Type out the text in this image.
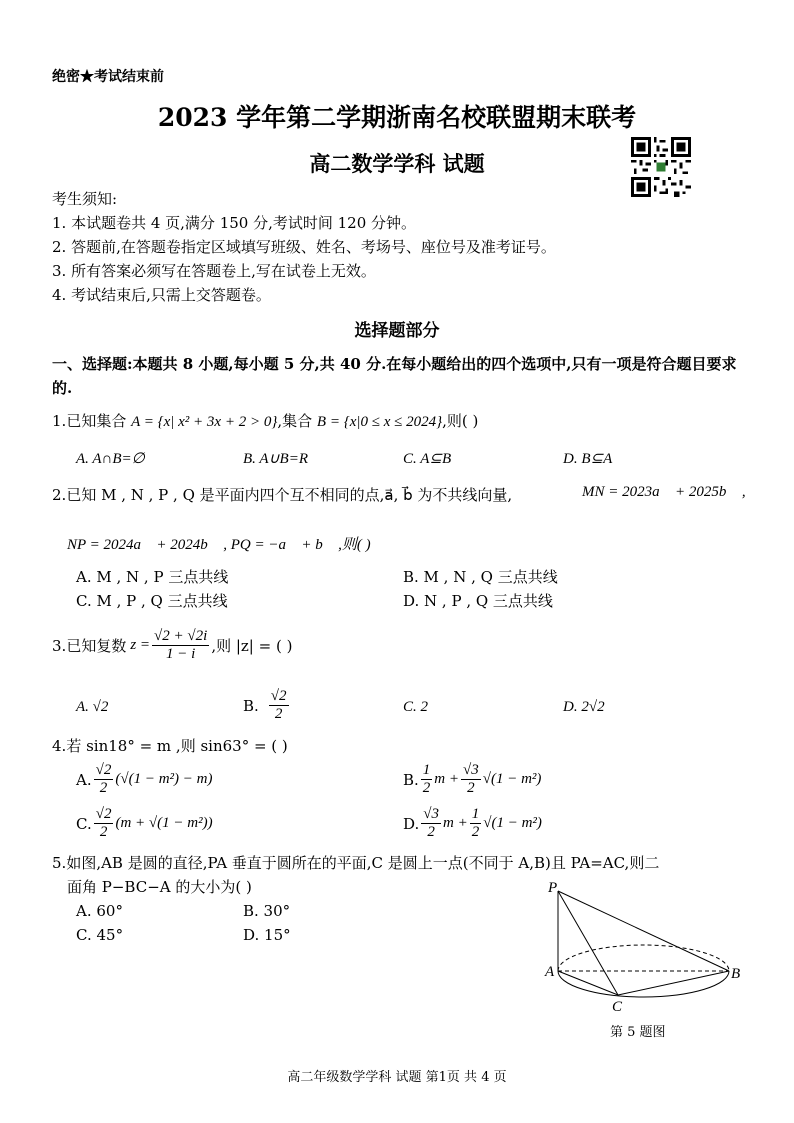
绝密★考试结束前
2023 学年第二学期浙南名校联盟期末联考
高二数学学科 试题
考生须知:
1. 本试题卷共 4 页,满分 150 分,考试时间 120 分钟。
2. 答题前,在答题卷指定区域填写班级、姓名、考场号、座位号及准考证号。
3. 所有答案必须写在答题卷上,写在试卷上无效。
4. 考试结束后,只需上交答题卷。
选择题部分
一、选择题:本题共 8 小题,每小题 5 分,共 40 分.在每小题给出的四个选项中,只有一项是符合题目要求的.
1.已知集合 A = {x| x² + 3x + 2 > 0},集合 B = {x|0 ≤ x ≤ 2024},则( )
A. A∩B=∅	B. A∪B=R	C. A⊆B	D. B⊆A
2.已知 M , N , P , Q 是平面内四个互不相同的点,a⃗, b⃗ 为不共线向量,	MN = 2023a⃗ + 2025b⃗ ,
NP = 2024a⃗ + 2024b⃗ , PQ = −a⃗ + b⃗ ,则( )
A. M , N , P 三点共线	B. M , N , Q 三点共线
C. M , P , Q 三点共线	D. N , P , Q 三点共线
3. 已知复数 $z = \frac{√2 + √2i}{1 - i}$ ,则 |z| = ( )
A. √2	B. $\frac{√2}{2}$	C. 2	D. 2√2
4.若 sin18° = m ,则 sin63° = ( )
A. $\frac{√2}{2} (√(1 - m^2) - m)$	B. $\frac{1}{2}$ $m + \frac{√3}{2} √(1 - m^2)$
C. $\frac{√2}{2} (m + √(1 - m^2))$	D. $\frac{√3}{2}$ $m + \frac{1}{2} √(1 - m^2)$
5.如图,AB 是圆的直径,PA 垂直于圆所在的平面,C 是圆上一点(不同于 A,B)且 PA=AC,则二
面角 P−BC−A 的大小为( )
A. 60°	B. 30°
C. 45°	D. 15°
P
A	B
C
第 5 题图
高二年级数学学科 试题 第1页 共 4 页
